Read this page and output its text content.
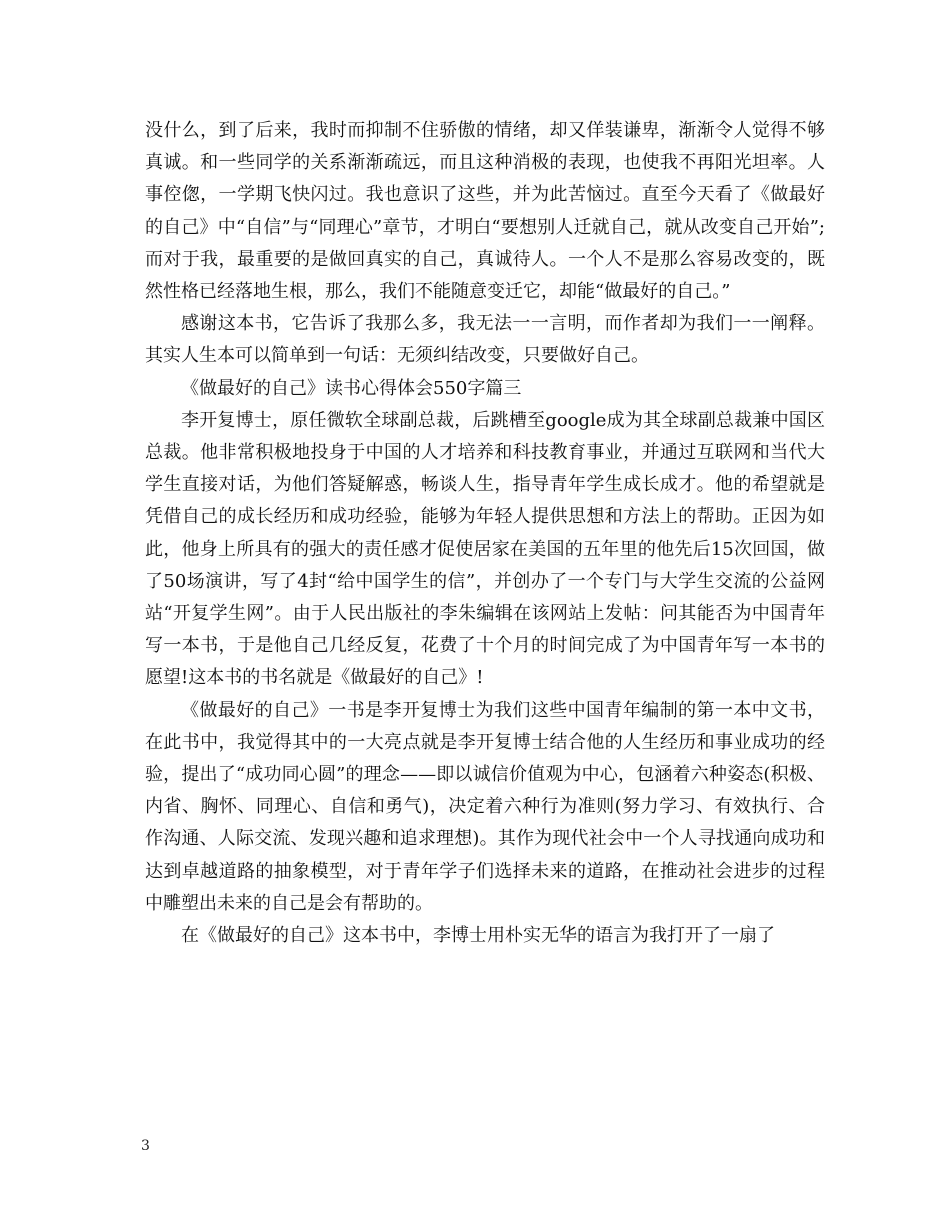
没什么，到了后来，我时而抑制不住骄傲的情绪，却又佯装谦卑，渐渐令人觉得不够真诚。和一些同学的关系渐渐疏远，而且这种消极的表现，也使我不再阳光坦率。人事倥偬，一学期飞快闪过。我也意识了这些，并为此苦恼过。直至今天看了《做最好的自己》中“自信”与“同理心”章节，才明白“要想别人迁就自己，就从改变自己开始”;而对于我，最重要的是做回真实的自己，真诚待人。一个人不是那么容易改变的，既然性格已经落地生根，那么，我们不能随意变迁它，却能“做最好的自己。”

感谢这本书，它告诉了我那么多，我无法一一言明，而作者却为我们一一阐释。其实人生本可以简单到一句话：无须纠结改变，只要做好自己。

《做最好的自己》读书心得体会550字篇三

李开复博士，原任微软全球副总裁，后跳槽至google成为其全球副总裁兼中国区总裁。他非常积极地投身于中国的人才培养和科技教育事业，并通过互联网和当代大学生直接对话，为他们答疑解惑，畅谈人生，指导青年学生成长成才。他的希望就是凭借自己的成长经历和成功经验，能够为年轻人提供思想和方法上的帮助。正因为如此，他身上所具有的强大的责任感才促使居家在美国的五年里的他先后15次回国，做了50场演讲，写了4封“给中国学生的信”，并创办了一个专门与大学生交流的公益网站“开复学生网”。由于人民出版社的李朱编辑在该网站上发帖：问其能否为中国青年写一本书，于是他自己几经反复，花费了十个月的时间完成了为中国青年写一本书的愿望!这本书的书名就是《做最好的自己》!

《做最好的自己》一书是李开复博士为我们这些中国青年编制的第一本中文书，在此书中，我觉得其中的一大亮点就是李开复博士结合他的人生经历和事业成功的经验，提出了“成功同心圆”的理念——即以诚信价值观为中心，包涵着六种姿态(积极、内省、胸怀、同理心、自信和勇气)，决定着六种行为准则(努力学习、有效执行、合作沟通、人际交流、发现兴趣和追求理想)。其作为现代社会中一个人寻找通向成功和达到卓越道路的抽象模型，对于青年学子们选择未来的道路，在推动社会进步的过程中雕塑出未来的自己是会有帮助的。

在《做最好的自己》这本书中，李博士用朴实无华的语言为我打开了一扇了

3
